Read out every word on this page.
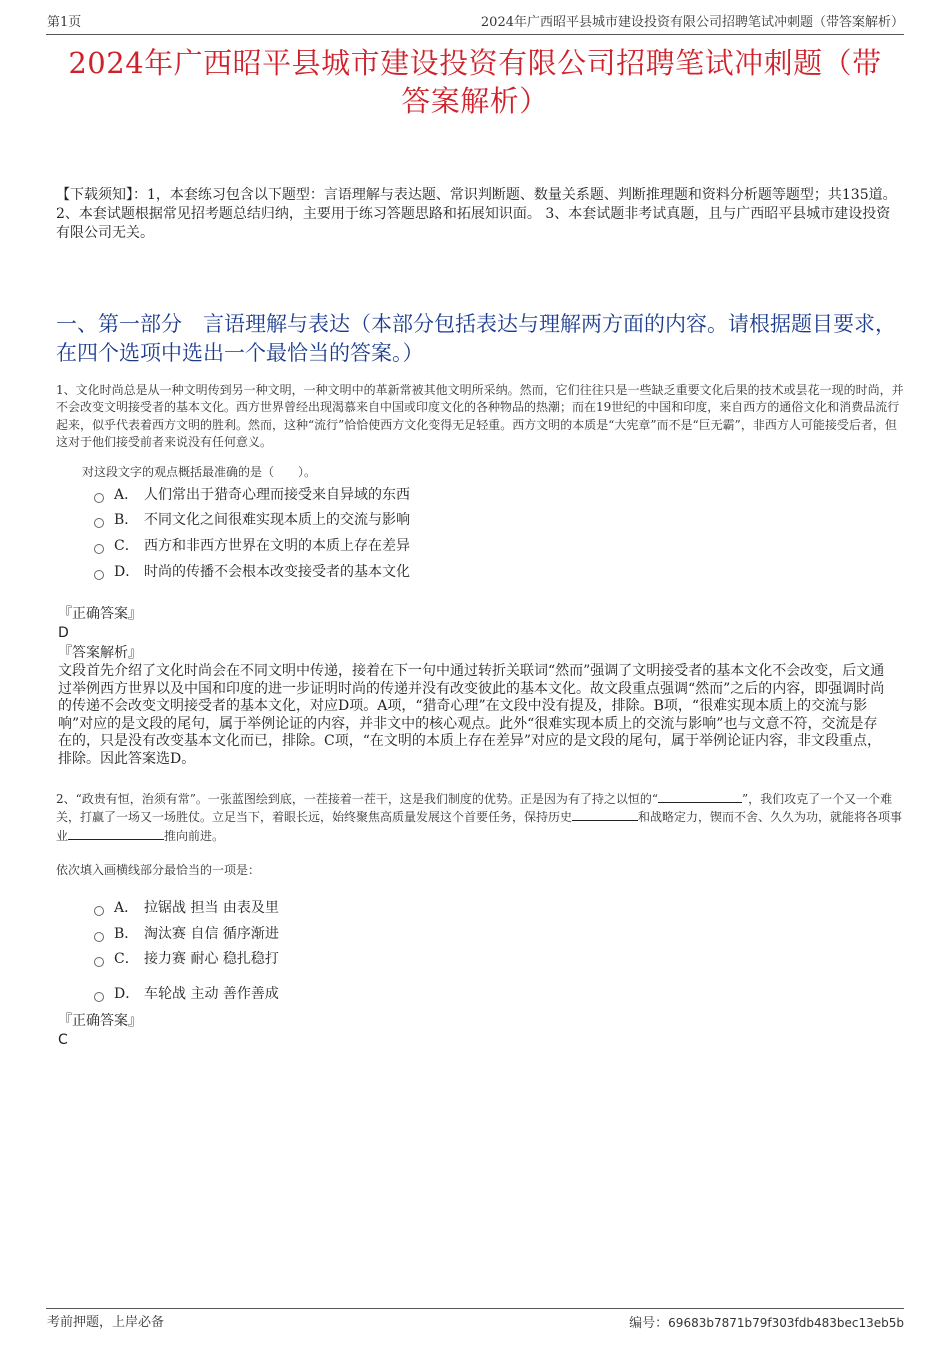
第1页	2024年广西昭平县城市建设投资有限公司招聘笔试冲刺题（带答案解析）
2024年广西昭平县城市建设投资有限公司招聘笔试冲刺题（带
答案解析）
【下载须知】：1，本套练习包含以下题型：言语理解与表达题、常识判断题、数量关系题、判断推理题和资料分析题等题型；共135道。 2、本套试题根据常见招考题总结归纳，主要用于练习答题思路和拓展知识面。 3、本套试题非考试真题，且与广西昭平县城市建设投资有限公司无关。
一、第一部分　言语理解与表达（本部分包括表达与理解两方面的内容。请根据题目要求，在四个选项中选出一个最恰当的答案。）
1、文化时尚总是从一种文明传到另一种文明，一种文明中的革新常被其他文明所采纳。然而，它们往往只是一些缺乏重要文化后果的技术或昙花一现的时尚，并不会改变文明接受者的基本文化。西方世界曾经出现渴慕来自中国或印度文化的各种物品的热潮；而在19世纪的中国和印度，来自西方的通俗文化和消费品流行起来，似乎代表着西方文明的胜利。然而，这种“流行”恰恰使西方文化变得无足轻重。西方文明的本质是“大宪章”而不是“巨无霸”，非西方人可能接受后者，但这对于他们接受前者来说没有任何意义。
对这段文字的观点概括最准确的是（　　）。
A． 人们常出于猎奇心理而接受来自异域的东西
B． 不同文化之间很难实现本质上的交流与影响
C． 西方和非西方世界在文明的本质上存在差异
D． 时尚的传播不会根本改变接受者的基本文化
『正确答案』
D
『答案解析』
文段首先介绍了文化时尚会在不同文明中传递，接着在下一句中通过转折关联词“然而”强调了文明接受者的基本文化不会改变，后文通过举例西方世界以及中国和印度的进一步证明时尚的传递并没有改变彼此的基本文化。故文段重点强调“然而”之后的内容，即强调时尚的传递不会改变文明接受者的基本文化，对应D项。A项，“猎奇心理”在文段中没有提及，排除。B项，“很难实现本质上的交流与影响”对应的是文段的尾句，属于举例论证的内容，并非文中的核心观点。此外“很难实现本质上的交流与影响”也与文意不符，交流是存在的，只是没有改变基本文化而已，排除。C项，“在文明的本质上存在差异”对应的是文段的尾句，属于举例论证内容，非文段重点，排除。因此答案选D。
2、“政贵有恒，治须有常”。一张蓝图绘到底，一茬接着一茬干，这是我们制度的优势。正是因为有了持之以恒的“	”，我们攻克了一个又一个难关，打赢了一场又一场胜仗。立足当下，着眼长远，始终聚焦高质量发展这个首要任务，保持历史	和战略定力，锲而不舍、久久为功，就能将各项事业	推向前进。
依次填入画横线部分最恰当的一项是：
A． 拉锯战 担当 由表及里
B． 淘汰赛 自信 循序渐进
C． 接力赛 耐心 稳扎稳打
D． 车轮战 主动 善作善成
『正确答案』
C
考前押题，上岸必备	编号：69683b7871b79f303fdb483bec13eb5b
